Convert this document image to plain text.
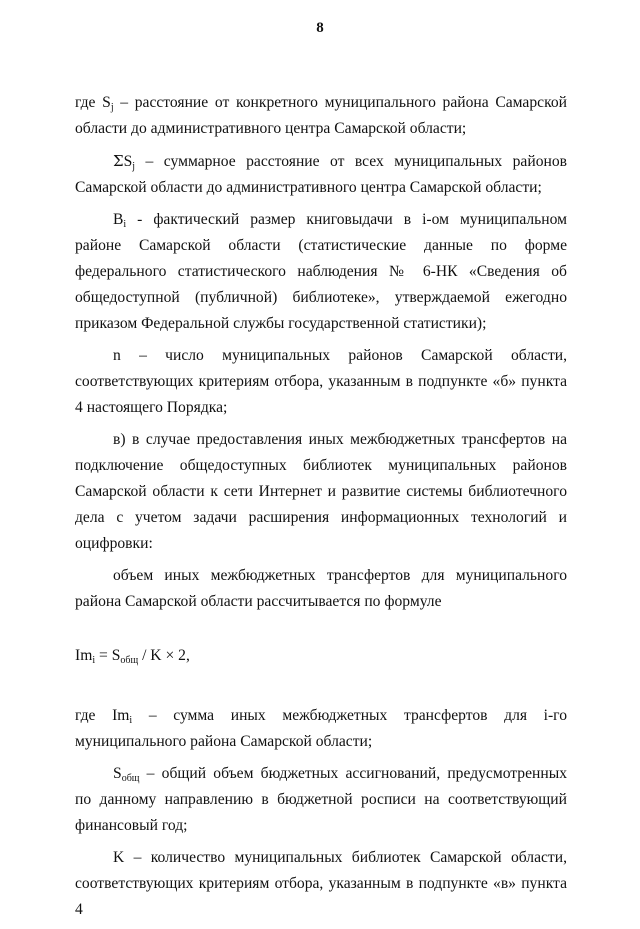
8

где $S_j$ – расстояние от конкретного муниципального района Самарской области до административного центра Самарской области;

$\Sigma S_j$ – суммарное расстояние от всех муниципальных районов Самарской области до административного центра Самарской области;

$B_i$ - фактический размер книговыдачи в i-ом муниципальном районе Самарской области (статистические данные по форме федерального статистического наблюдения № 6-НК «Сведения об общедоступной (публичной) библиотеке», утверждаемой ежегодно приказом Федеральной службы государственной статистики);

n – число муниципальных районов Самарской области, соответствующих критериям отбора, указанным в подпункте «б» пункта 4 настоящего Порядка;

в) в случае предоставления иных межбюджетных трансфертов на подключение общедоступных библиотек муниципальных районов Самарской области к сети Интернет и развитие системы библиотечного дела с учетом задачи расширения информационных технологий и оцифровки:

объем иных межбюджетных трансфертов для муниципального района Самарской области рассчитывается по формуле

$Im_i = S_{общ} / K \times 2$,

где $Im_i$ – сумма иных межбюджетных трансфертов для i-го муниципального района Самарской области;

$S_{общ}$ – общий объем бюджетных ассигнований, предусмотренных по данному направлению в бюджетной росписи на соответствующий финансовый год;

K – количество муниципальных библиотек Самарской области, соответствующих критериям отбора, указанным в подпункте «в» пункта 4
